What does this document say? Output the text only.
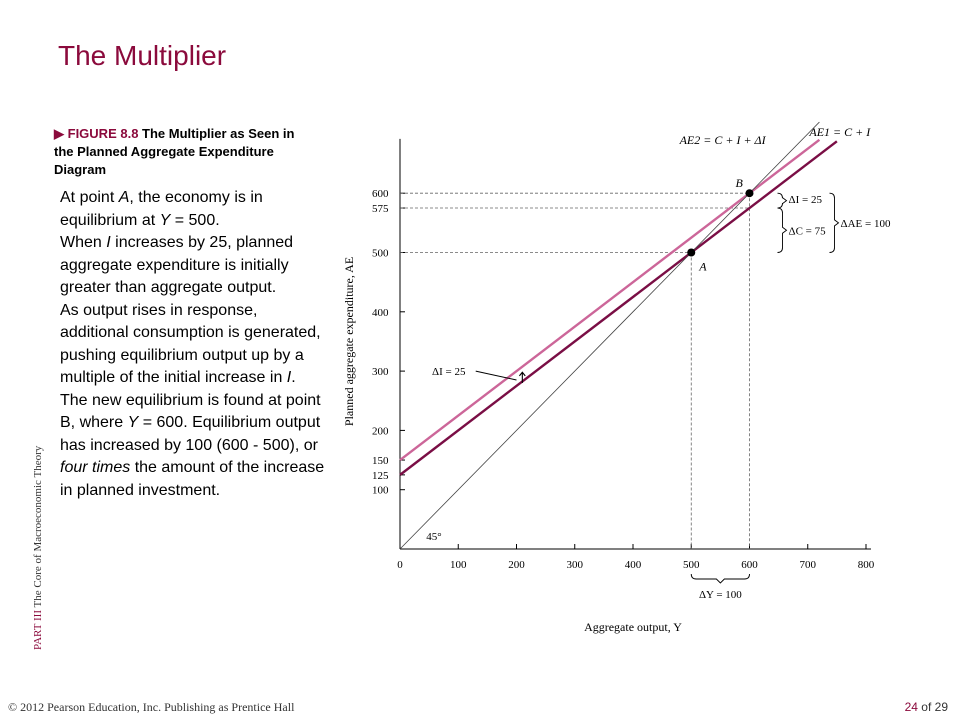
The Multiplier
▶ FIGURE 8.8 The Multiplier as Seen in the Planned Aggregate Expenditure Diagram

At point A, the economy is in equilibrium at Y = 500.

When I increases by 25, planned aggregate expenditure is initially greater than aggregate output.

As output rises in response, additional consumption is generated, pushing equilibrium output up by a multiple of the initial increase in I.

The new equilibrium is found at point B, where Y = 600. Equilibrium output has increased by 100 (600 - 500), or four times the amount of the increase in planned investment.

0	100	200	300	400	500	600	700	800
100
125
150
200
300
400
500
575
600
Aggregate output, Y
Planned aggregate expenditure, AE	A
B
AE1 = C + I
AE2 = C + I + ΔI
45°
ΔI = 25
ΔI = 25
ΔC = 75
ΔAE = 100
ΔY = 100
PART III The Core of Macroeconomic Theory
© 2012 Pearson Education, Inc. Publishing as Prentice Hall	24 of 29
